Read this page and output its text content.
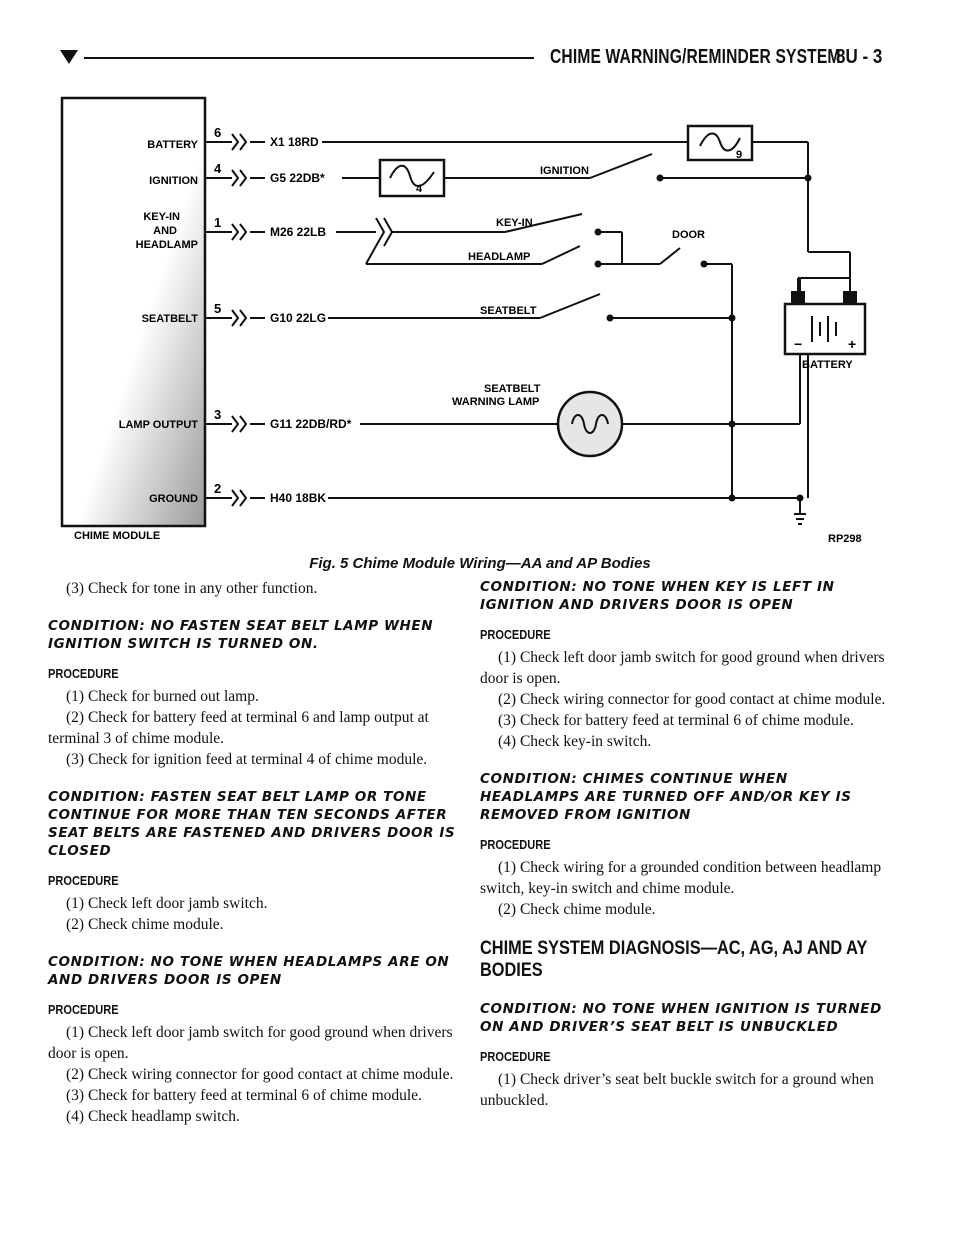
CHIME WARNING/REMINDER SYSTEM
8U - 3
CHIME MODULE
BATTERY
IGNITION
KEY-IN
AND
HEADLAMP
SEATBELT
LAMP OUTPUT
GROUND
6
4
1
5
3
2
X1 18RD
G5 22DB*
M26 22LB
G10 22LG
G11 22DB/RD*
H40 18BK
9
4
IGNITION
KEY-IN
HEADLAMP
DOOR
SEATBELT
SEATBELT
WARNING LAMP
BATTERY
−	+
RP298
Fig. 5 Chime Module Wiring—AA and AP Bodies

(3) Check for tone in any other function.

CONDITION: NO FASTEN SEAT BELT LAMP WHEN IGNITION SWITCH IS TURNED ON.
PROCEDURE

(1) Check for burned out lamp.

(2) Check for battery feed at terminal 6 and lamp output at terminal 3 of chime module.

(3) Check for ignition feed at terminal 4 of chime module.

CONDITION: FASTEN SEAT BELT LAMP OR TONE CONTINUE FOR MORE THAN TEN SECONDS AFTER SEAT BELTS ARE FASTENED AND DRIVERS DOOR IS CLOSED
PROCEDURE

(1) Check left door jamb switch.

(2) Check chime module.

CONDITION: NO TONE WHEN HEADLAMPS ARE ON AND DRIVERS DOOR IS OPEN
PROCEDURE

(1) Check left door jamb switch for good ground when drivers door is open.

(2) Check wiring connector for good contact at chime module.

(3) Check for battery feed at terminal 6 of chime module.

(4) Check headlamp switch.

CONDITION: NO TONE WHEN KEY IS LEFT IN IGNITION AND DRIVERS DOOR IS OPEN
PROCEDURE

(1) Check left door jamb switch for good ground when drivers door is open.

(2) Check wiring connector for good contact at chime module.

(3) Check for battery feed at terminal 6 of chime module.

(4) Check key-in switch.

CONDITION: CHIMES CONTINUE WHEN HEADLAMPS ARE TURNED OFF AND/OR KEY IS REMOVED FROM IGNITION
PROCEDURE

(1) Check wiring for a grounded condition between headlamp switch, key-in switch and chime module.

(2) Check chime module.

CHIME SYSTEM DIAGNOSIS—AC, AG, AJ AND AY BODIES
CONDITION: NO TONE WHEN IGNITION IS TURNED ON AND DRIVER’S SEAT BELT IS UNBUCKLED
PROCEDURE

(1) Check driver’s seat belt buckle switch for a ground when unbuckled.
